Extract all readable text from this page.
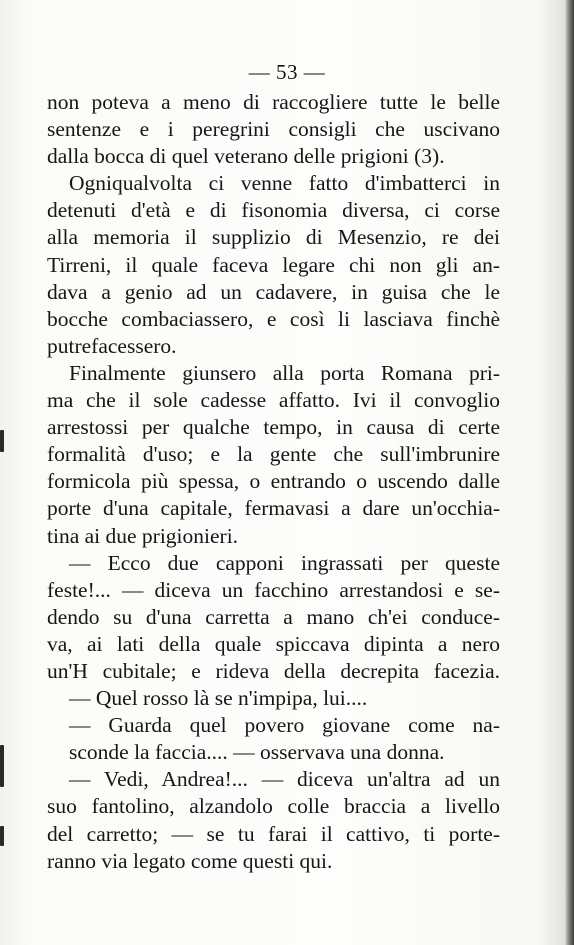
— 53 —
non poteva a meno di raccogliere tutte le belle
sentenze e i peregrini consigli che uscivano
dalla bocca di quel veterano delle prigioni (3).
Ogniqualvolta ci venne fatto d'imbatterci in
detenuti d'età e di fisonomia diversa, ci corse
alla memoria il supplizio di Mesenzio, re dei
Tirreni, il quale faceva legare chi non gli an-
dava a genio ad un cadavere, in guisa che le
bocche combaciassero, e così li lasciava finchè
putrefacessero.
Finalmente giunsero alla porta Romana pri-
ma che il sole cadesse affatto. Ivi il convoglio
arrestossi per qualche tempo, in causa di certe
formalità d'uso; e la gente che sull'imbrunire
formicola più spessa, o entrando o uscendo dalle
porte d'una capitale, fermavasi a dare un'occhia-
tina ai due prigionieri.
— Ecco due capponi ingrassati per queste
feste!... — diceva un facchino arrestandosi e se-
dendo su d'una carretta a mano ch'ei conduce-
va, ai lati della quale spiccava dipinta a nero
un'H cubitale; e rideva della decrepita facezia.
— Quel rosso là se n'impipa, lui....
— Guarda quel povero giovane come na-
sconde la faccia.... — osservava una donna.
— Vedi, Andrea!... — diceva un'altra ad un
suo fantolino, alzandolo colle braccia a livello
del carretto; — se tu farai il cattivo, ti porte-
ranno via legato come questi qui.
